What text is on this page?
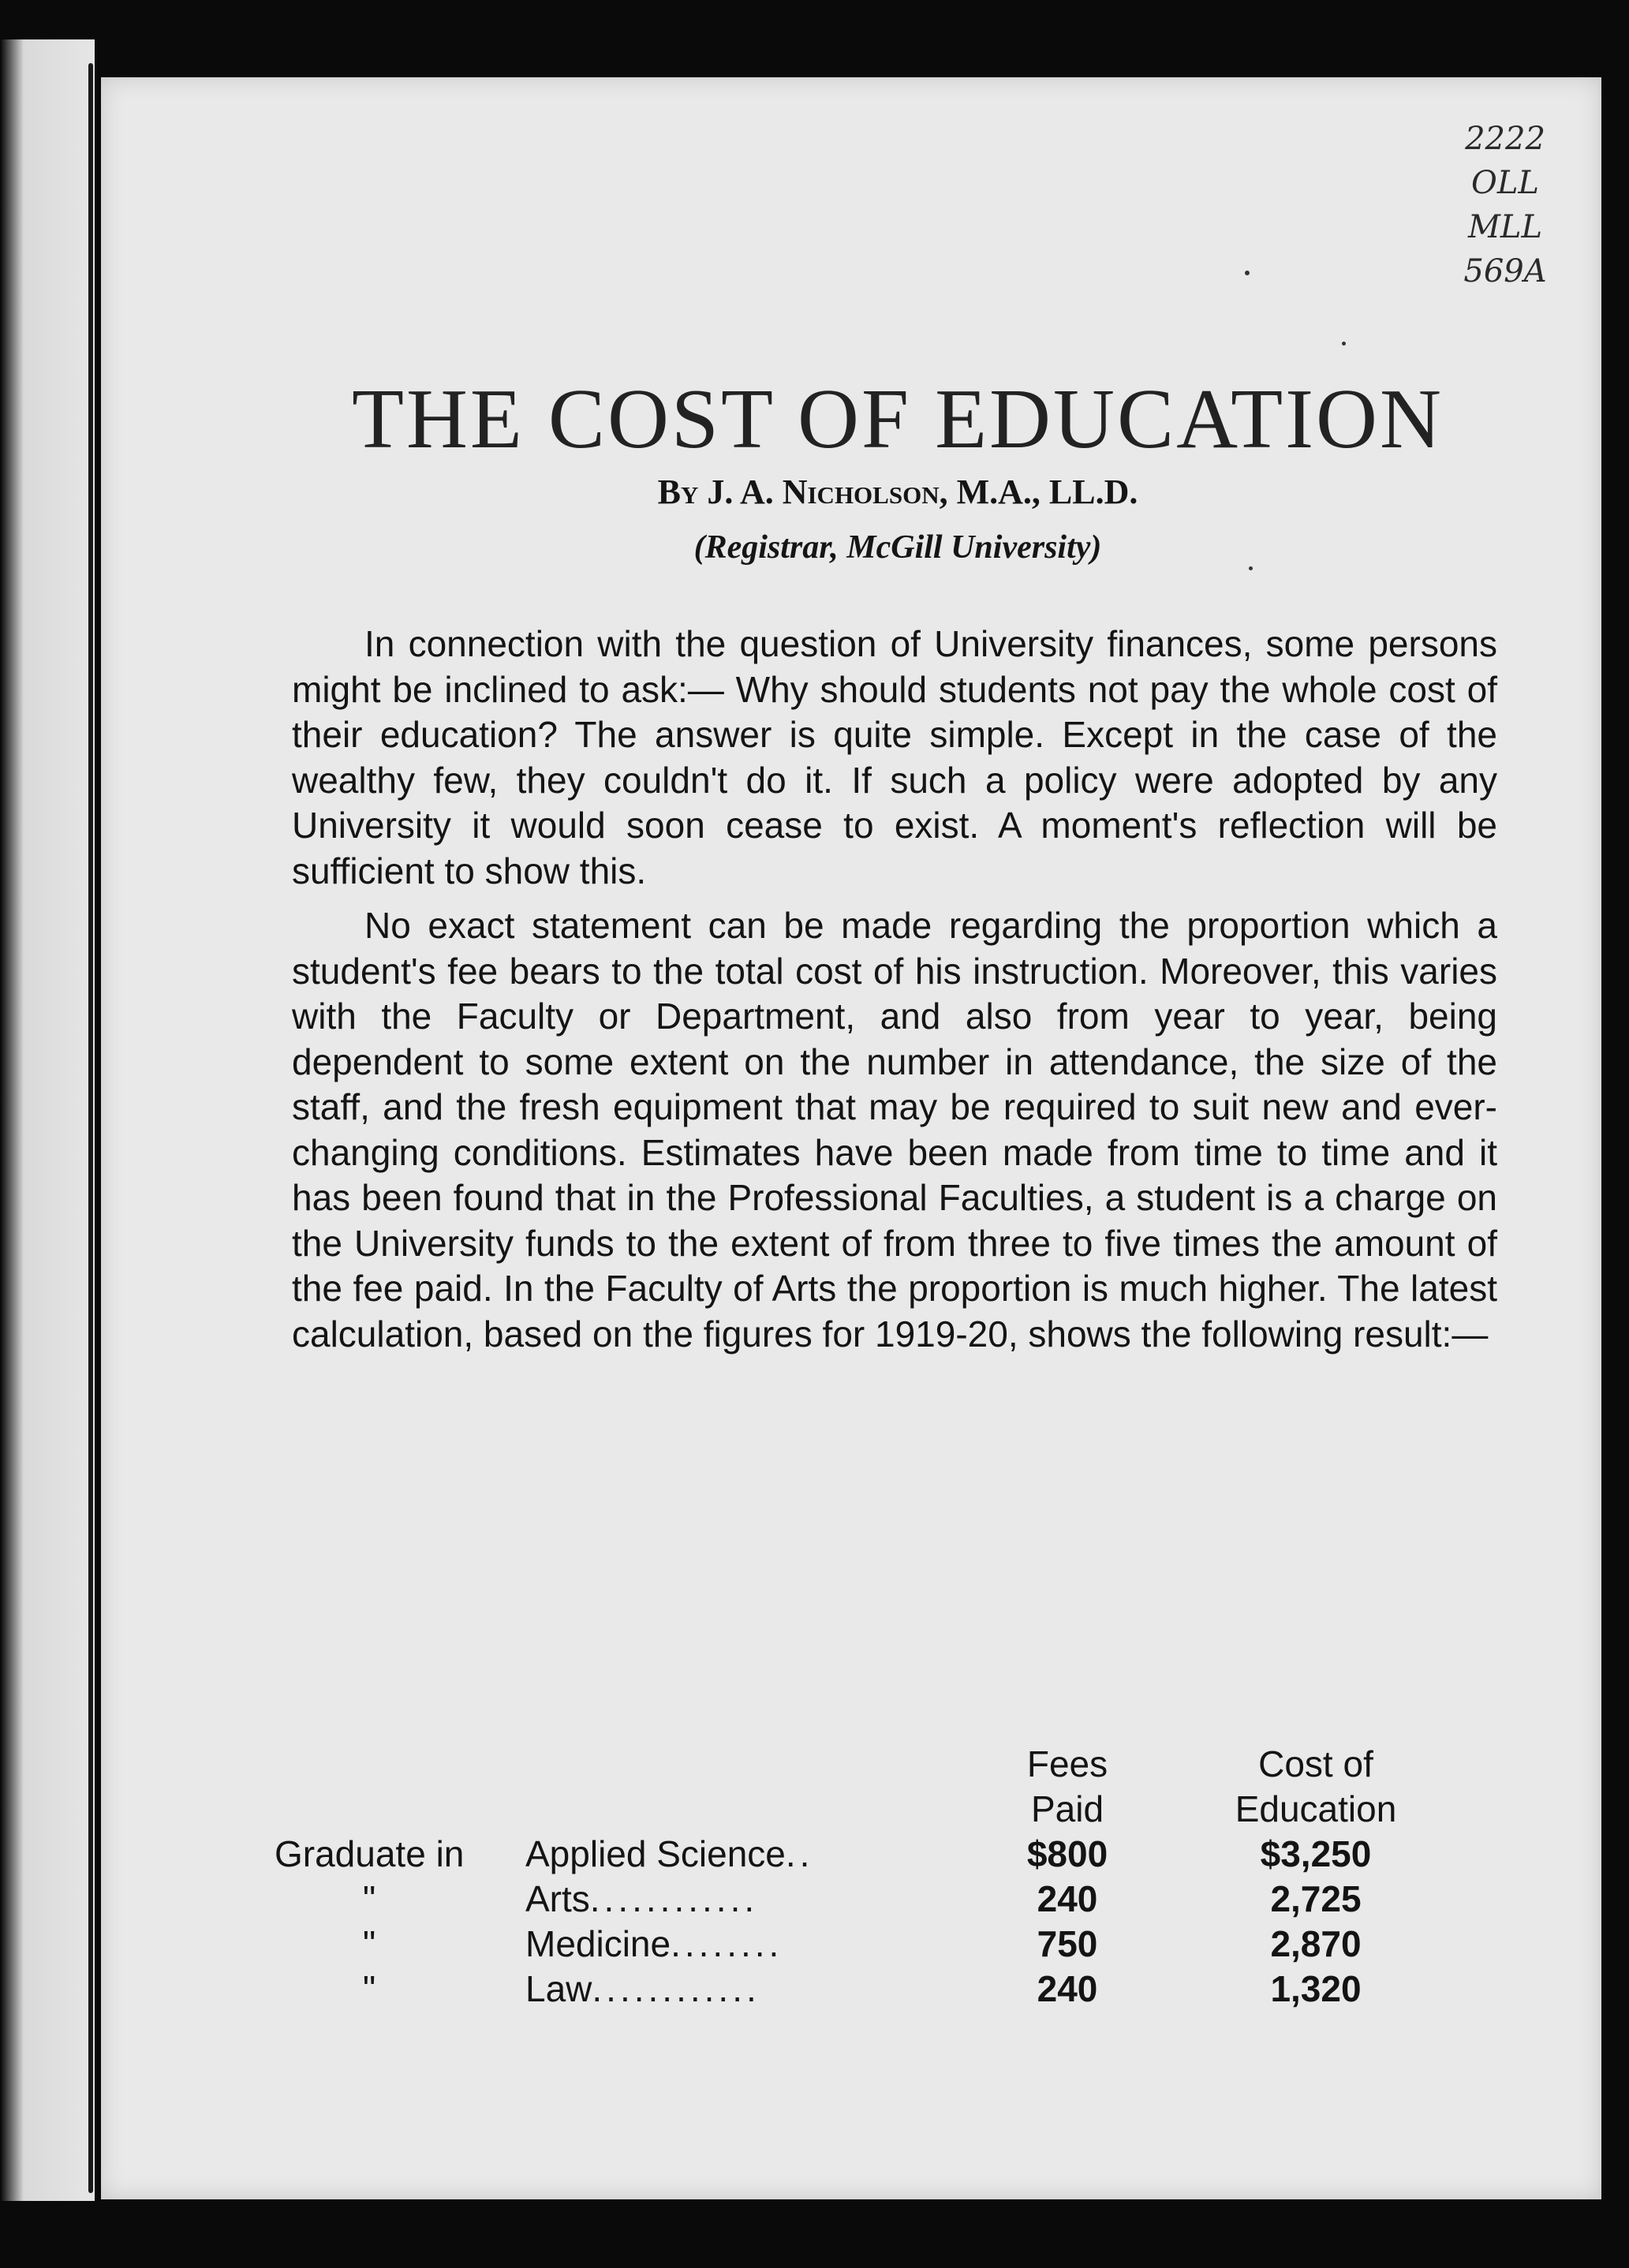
2222
OLL
MLL
569A
THE COST OF EDUCATION
By J. A. Nicholson, M.A., LL.D.
(Registrar, McGill University)

In connection with the question of University finances, some persons might be inclined to ask:— Why should students not pay the whole cost of their education? The answer is quite simple. Except in the case of the wealthy few, they couldn't do it. If such a policy were adopted by any University it would soon cease to exist. A moment's reflection will be sufficient to show this.

No exact statement can be made regarding the proportion which a student's fee bears to the total cost of his instruction. Moreover, this varies with the Faculty or Department, and also from year to year, being dependent to some extent on the number in attendance, the size of the staff, and the fresh equipment that may be required to suit new and ever-changing conditions. Estimates have been made from time to time and it has been found that in the Professional Faculties, a student is a charge on the University funds to the extent of from three to five times the amount of the fee paid. In the Faculty of Arts the proportion is much higher. The latest calculation, based on the figures for 1919-20, shows the following result:—

Fees	Cost of
Paid	Education
Graduate in Applied Science..	$800	$3,250
"	Arts............	240	2,725
"	Medicine........	750	2,870
"	Law............	240	1,320
